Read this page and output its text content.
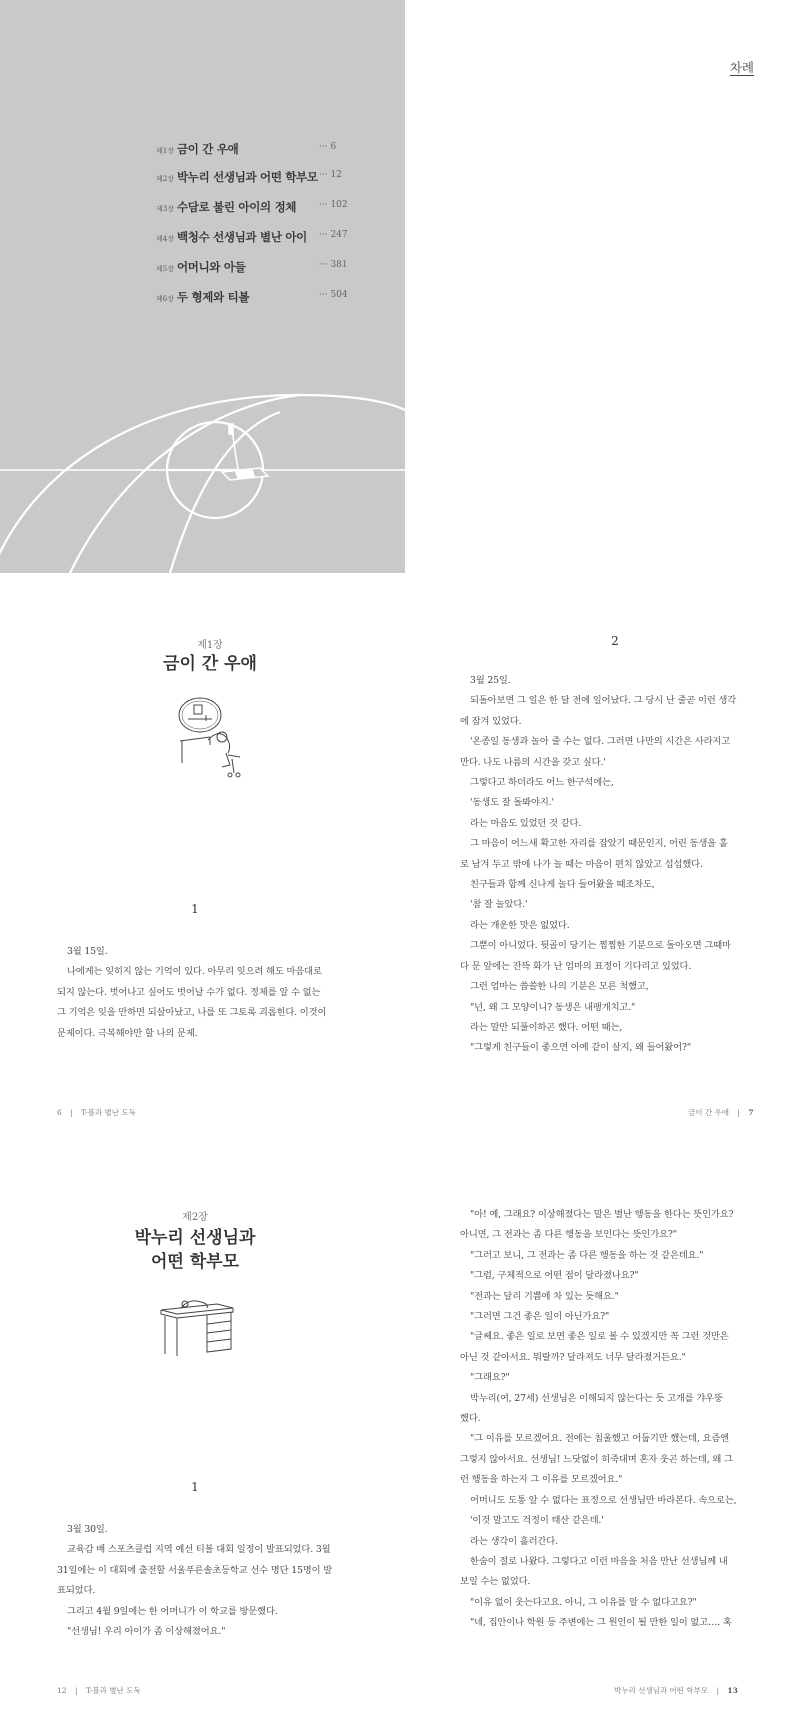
차례
제1장 금이 간 우애	··· 6
제2장 박누리 선생님과 어떤 학부모 ··· 12
제3장 수담로 불린 아이의 정체	··· 102
제4장 백청수 선생님과 별난 아이 ··· 247
제5장 어머니와 아들	··· 381
제6장 두 형제와 티볼	··· 504
제1장
금이 간 우애
1

3월 15일.

나에게는 잊히지 않는 기억이 있다. 아무리 잊으려 해도 마음대로

되지 않는다. 벗어나고 싶어도 벗어날 수가 없다. 정체를 알 수 없는

그 기억은 잊을 만하면 되살아났고, 나를 또 그토록 괴롭힌다. 이것이

문제이다. 극복해야만 할 나의 문제.

6 | T-볼과 별난 도둑
2

3월 25일.

되돌아보면 그 일은 한 달 전에 일어났다. 그 당시 난 줄곧 이런 생각

에 잠겨 있었다.

'온종일 동생과 놀아 줄 수는 없다. 그러면 나만의 시간은 사라지고

만다. 나도 나름의 시간을 갖고 싶다.'

그렇다고 하더라도 어느 한구석에는,

'동생도 잘 돌봐야지.'

라는 마음도 있었던 것 같다.

그 마음이 어느새 확고한 자리를 잡았기 때문인지, 어린 동생을 홀

로 남겨 두고 밖에 나가 놀 때는 마음이 편치 않았고 섭섭했다.

친구들과 함께 신나게 놀다 들어왔을 때조차도,

'참 잘 놀았다.'

라는 개운한 맛은 없었다.

그뿐이 아니었다. 뒷골이 당기는 찜찜한 기분으로 돌아오면 그때마

다 문 앞에는 잔뜩 화가 난 엄마의 표정이 기다리고 있었다.

그런 엄마는 씁쓸한 나의 기분은 모른 척했고,

"넌, 왜 그 모양이니? 동생은 내팽개치고."

라는 말만 되풀이하곤 했다. 어떤 때는,

"그렇게 친구들이 좋으면 아예 같이 살지, 왜 들어왔어?"

금이 간 우애 | 7
제2장
박누리 선생님과
어떤 학부모
1

3월 30일.

교육감 배 스포츠클럽 지역 예선 티볼 대회 일정이 발표되었다. 3월

31일에는 이 대회에 출전할 서울푸른솔초등학교 선수 명단 15명이 발

표되었다.

그리고 4월 9일에는 한 어머니가 이 학교를 방문했다.

"선생님! 우리 아이가 좀 이상해졌어요."

12 | T-볼과 별난 도둑

"아! 예, 그래요? 이상해졌다는 말은 별난 행동을 한다는 뜻인가요?

아니면, 그 전과는 좀 다른 행동을 보인다는 뜻인가요?"

"그러고 보니, 그 전과는 좀 다른 행동을 하는 것 같은데요."

"그럼, 구체적으로 어떤 점이 달라졌나요?"

"전과는 달리 기쁨에 차 있는 듯해요."

"그러면 그건 좋은 일이 아닌가요?"

"글쎄요. 좋은 일로 보면 좋은 일로 볼 수 있겠지만 꼭 그런 것만은

아닌 것 같아서요. 뭐랄까? 달라져도 너무 달라졌거든요."

"그래요?"

박누리(여, 27세) 선생님은 이해되지 않는다는 듯 고개를 갸우뚱

했다.

"그 이유를 모르겠어요. 전에는 침울했고 어둡기만 했는데, 요즘엔

그렇지 않아서요. 선생님! 느닷없이 히죽대며 혼자 웃곤 하는데, 왜 그

런 행동을 하는지 그 이유를 모르겠어요."

어머니도 도통 알 수 없다는 표정으로 선생님만 바라본다. 속으로는,

'이것 말고도 걱정이 태산 같은데.'

라는 생각이 흘러간다.

한숨이 절로 나왔다. 그렇다고 이런 마음을 처음 만난 선생님께 내

보일 수는 없었다.

"이유 없이 웃는다고요. 아니, 그 이유를 알 수 없다고요?"

"네, 집안이나 학원 등 주변에는 그 원인이 될 만한 일이 없고…. 혹

박누리 선생님과 어떤 학부모 | 13
